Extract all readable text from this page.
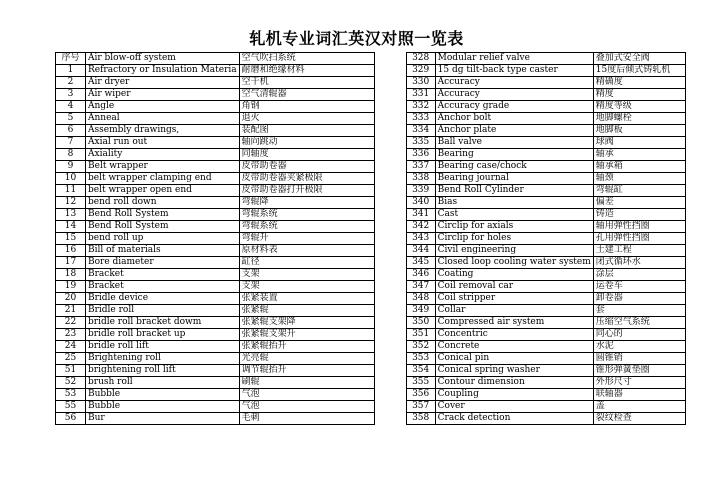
轧机专业词汇英汉对照一览表
序号	Air blow-off system	空气吹扫系统		328	Modular relief valve	叠加式安全阀
1	Refractory or Insulation Materia	耐磨和绝缘材料		329	15 dg tilt-back type caster	15度后倾式铸轧机
2	Air dryer	空干机		330	Accuracy	精确度
3	Air wiper	空气清辊器		331	Accuracy	精度
4	Angle	角钢		332	Accuracy grade	精度等级
5	Anneal	退火		333	Anchor bolt	地脚螺栓
6	Assembly drawings,	装配图		334	Anchor plate	地脚板
7	Axial run out	轴向跳动		335	Ball valve	球阀
8	Axiality	同轴度		336	Bearing	轴承
9	Belt wrapper	皮带助卷器		337	Bearing case/chock	轴承箱
10	belt wrapper clamping end	皮带助卷器夹紧极限		338	Bearing journal	轴颈
11	belt wrapper open end	皮带助卷器打开极限		339	Bend Roll Cylinder	弯辊缸
12	bend roll down	弯辊降		340	Bias	偏差
13	Bend Roll System	弯辊系统		341	Cast	铸造
14	Bend Roll System	弯辊系统		342	Circlip for axials	轴用弹性挡圈
15	bend roll up	弯辊升		343	Circlip for holes	孔用弹性挡圈
16	Bill of materials	原材料表		344	Civil engineering	土建工程
17	Bore diameter	缸径		345	Closed loop cooling water system	闭式循环水
18	Bracket	支架		346	Coating	涂层
19	Bracket	支架		347	Coil removal car	运卷车
20	Bridle device	张紧装置		348	Coil stripper	卸卷器
21	Bridle roll	张紧辊		349	Collar	套
22	bridle roll bracket dowm	张紧辊支架降		350	Compressed air system	压缩空气系统
23	bridle roll bracket up	张紧辊支架升		351	Concentric	同心的
24	bridle roll lift	张紧辊抬升		352	Concrete	水泥
25	Brightening roll	光亮辊		353	Conical pin	圆锥销
51	brightening roll lift	调节辊抬升		354	Conical spring washer	锥形弹簧垫圈
52	brush roll	刷辊		355	Contour dimension	外形尺寸
53	Bubble	气泡		356	Coupling	联轴器
55	Bubble	气泡		357	Cover	盖
56	Bur	毛刺		358	Crack detection	裂纹检查
